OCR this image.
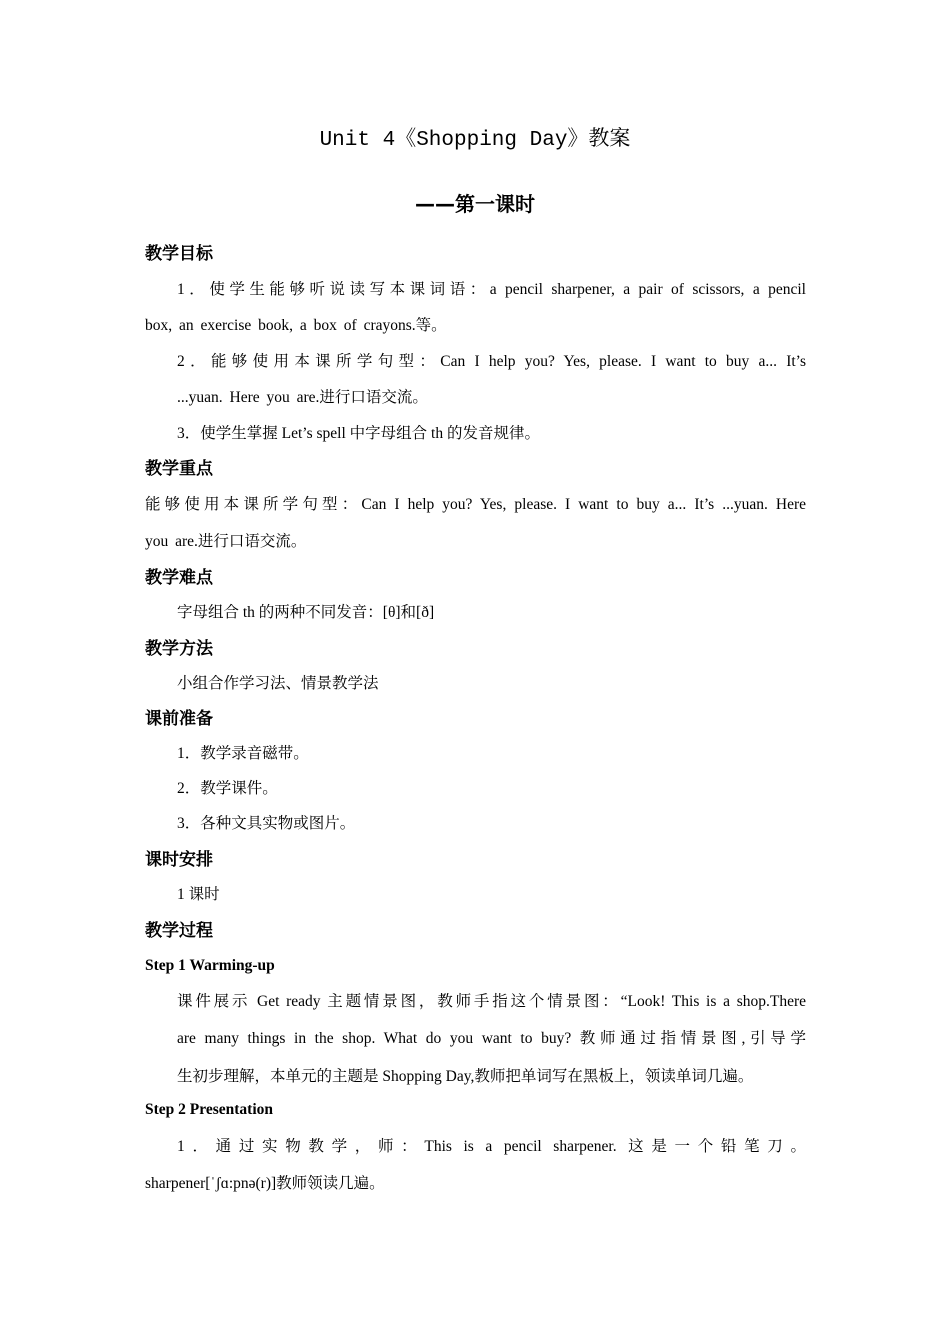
Unit 4《Shopping Day》教案
——第一课时
教学目标
1．使学生能够听说读写本课词语：a pencil sharpener, a pair of scissors, a pencil
box, an exercise book, a box of crayons.等。
2．能够使用本课所学句型：Can I help you? Yes, please. I want to buy a... It’s
...yuan. Here you are.进行口语交流。
3．使学生掌握 Let’s spell 中字母组合 th 的发音规律。
教学重点
能够使用本课所学句型：Can I help you? Yes, please. I want to buy a... It’s ...yuan. Here
you are.进行口语交流。
教学难点
字母组合 th 的两种不同发音：[θ]和[ð]
教学方法
小组合作学习法、情景教学法
课前准备
1．教学录音磁带。
2．教学课件。
3．各种文具实物或图片。
课时安排
1 课时
教学过程
Step 1 Warming-up
课件展示 Get ready 主题情景图，教师手指这个情景图：“Look! This is a shop.There
are many things in the shop. What do you want to buy? 教师通过指情景图,引导学
生初步理解，本单元的主题是 Shopping Day,教师把单词写在黑板上，领读单词几遍。
Step 2 Presentation
1．通过实物教学，师：This is a pencil sharpener. 这是一个铅笔刀。
sharpener[ˈʃɑ:pnə(r)]教师领读几遍。
